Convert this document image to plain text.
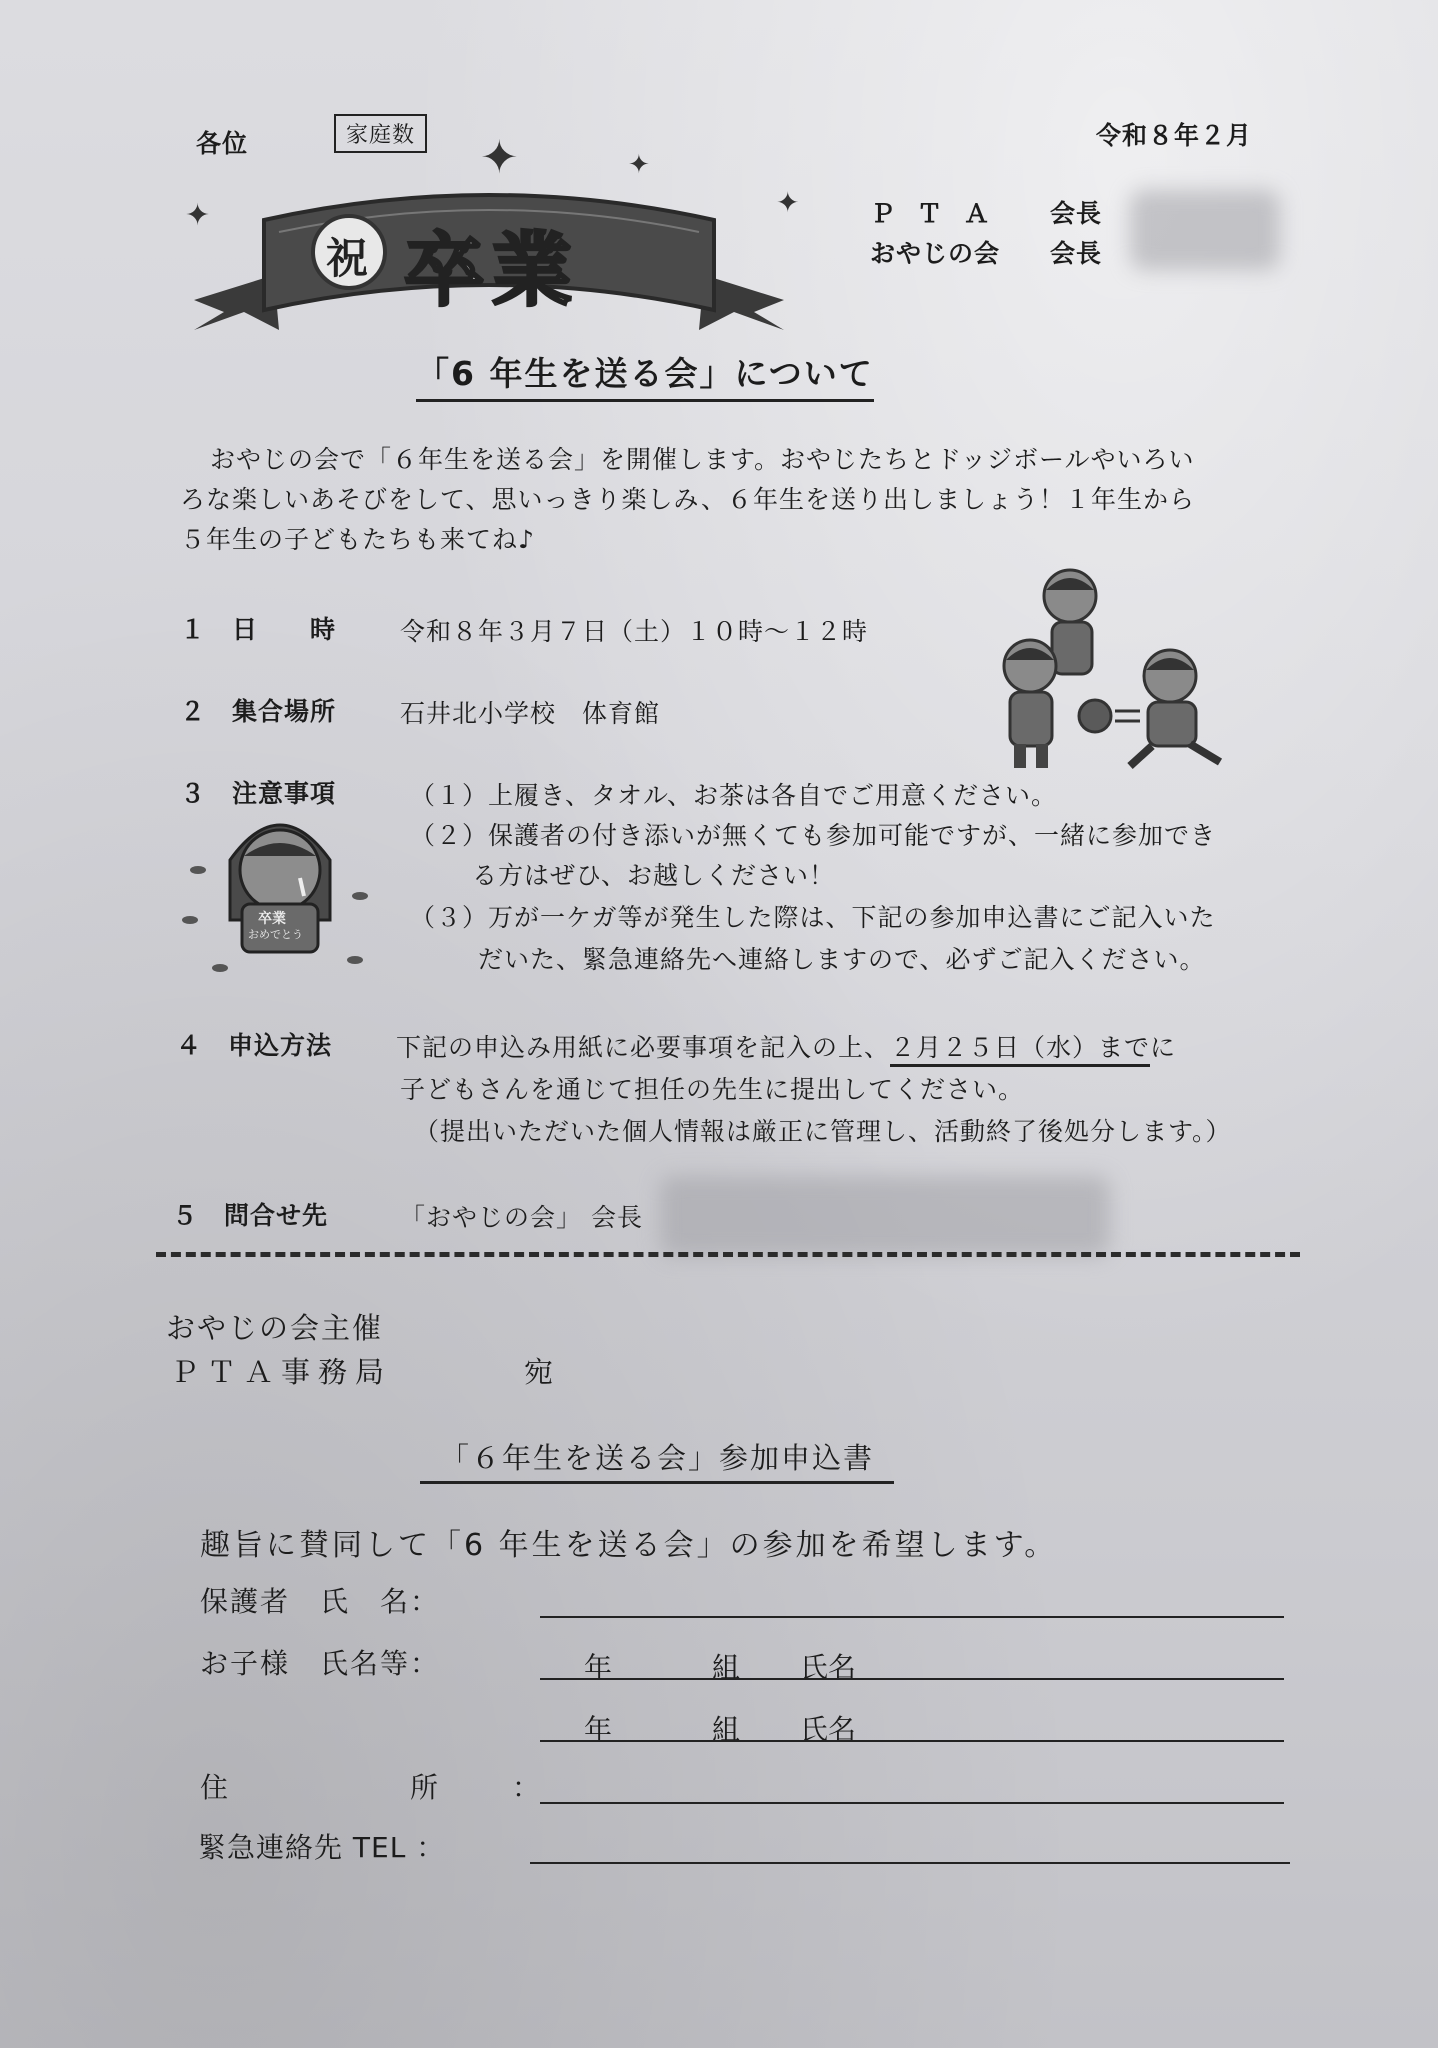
各位	家庭数	令和８年２月
ＰＴＡ 会長
おやじの会 会長
✦
✦	✦
✦
祝 卒業
「6 年生を送る会」について
おやじの会で「６年生を送る会」を開催します。おやじたちとドッジボールやいろい
ろな楽しいあそびをして、思いっきり楽しみ、６年生を送り出しましょう！１年生から
５年生の子どもたちも来てね♪
１ 日　　時	令和８年３月７日（土）１０時～１２時
２ 集合場所	石井北小学校　体育館
３ 注意事項	（１）上履き、タオル、お茶は各自でご用意ください。
（２）保護者の付き添いが無くても参加可能ですが、一緒に参加でき
る方はぜひ、お越しください！
（３）万が一ケガ等が発生した際は、下記の参加申込書にご記入いた
だいた、緊急連絡先へ連絡しますので、必ずご記入ください。
卒業
おめでとう
４ 申込方法	下記の申込み用紙に必要事項を記入の上、２月２５日（水）までに
子どもさんを通じて担任の先生に提出してください。
（提出いただいた個人情報は厳正に管理し、活動終了後処分します。）
５ 問合せ先	「おやじの会」 会長
おやじの会主催
ＰＴＡ事務局	宛
「６年生を送る会」参加申込書
趣旨に賛同して「6 年生を送る会」の参加を希望します。
保護者　氏　名：
お子様　氏名等：	年	組 氏名
年	組 氏名
住	所	：
緊急連絡先 TEL ：
